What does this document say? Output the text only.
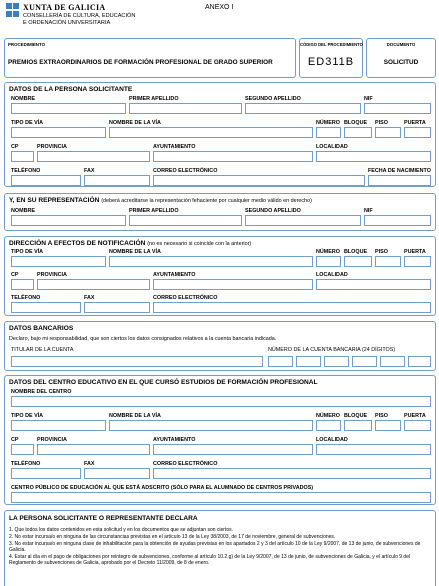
XUNTA DE GALICIA
CONSELLERÍA DE CULTURA, EDUCACIÓN
E ORDENACIÓN UNIVERSITARIA
ANEXO I
PROCEDIMIENTO
PREMIOS EXTRAORDINARIOS DE FORMACIÓN PROFESIONAL DE GRADO SUPERIOR
CÓDIGO DEL PROCEDIMIENTO
ED311B
DOCUMENTO
SOLICITUD
DATOS DE LA PERSONA SOLICITANTE
NOMBRE	PRIMER APELLIDO	SEGUNDO APELLIDO	NIF
TIPO DE VÍA	NOMBRE DE LA VÍA	NÚMERO BLOQUE PISO	PUERTA
CP	PROVINCIA	AYUNTAMIENTO	LOCALIDAD
TELÉFONO	FAX	CORREO ELECTRÓNICO	FECHA DE NACIMIENTO
Y, EN SU REPRESENTACIÓN (deberá acreditarse la representación fehaciente por cualquier medio válido en derecho)
NOMBRE	PRIMER APELLIDO	SEGUNDO APELLIDO	NIF
DIRECCIÓN A EFECTOS DE NOTIFICACIÓN (no es necesario si coincide con la anterior)
TIPO DE VÍA	NOMBRE DE LA VÍA	NÚMERO BLOQUE PISO	PUERTA
CP	PROVINCIA	AYUNTAMIENTO	LOCALIDAD
TELÉFONO	FAX	CORREO ELECTRÓNICO
DATOS BANCARIOS
Declaro, bajo mi responsabilidad, que son ciertos los datos consignados relativos a la cuenta bancaria indicada.
TITULAR DE LA CUENTA	NÚMERO DE LA CUENTA BANCARIA (24 DÍGITOS)
DATOS DEL CENTRO EDUCATIVO EN EL QUE CURSÓ ESTUDIOS DE FORMACIÓN PROFESIONAL
NOMBRE DEL CENTRO
TIPO DE VÍA	NOMBRE DE LA VÍA	NÚMERO BLOQUE PISO	PUERTA
CP	PROVINCIA	AYUNTAMIENTO	LOCALIDAD
TELÉFONO	FAX	CORREO ELECTRÓNICO
CENTRO PÚBLICO DE EDUCACIÓN AL QUE ESTÁ ADSCRITO (SÓLO PARA EL ALUMNADO DE CENTROS PRIVADOS)
LA PERSONA SOLICITANTE O REPRESENTANTE DECLARA

1. Que todos los datos contenidos en esta solicitud y en los documentos que se adjuntan son ciertos.

2. No estar incursa/o en ninguna de las circunstancias previstas en el artículo 13 de la Ley 38/2003, de 17 de noviembre, general de subvenciones.

3. No estar incursa/o en ninguna clase de inhabilitación para la obtención de ayudas previstas en los apartados 2 y 3 del artículo 10 de la Ley 9/2007, de 13 de junio, de subvenciones de Galicia.

4. Estar al día en el pago de obligaciones por reintegro de subvenciones, conforme al artículo 10.2.g) de la Ley 9/2007, de 13 de junio, de subvenciones de Galicia, y el artículo 9 del Reglamento de subvenciones de Galicia, aprobado por el Decreto 11/2009, de 8 de enero.
